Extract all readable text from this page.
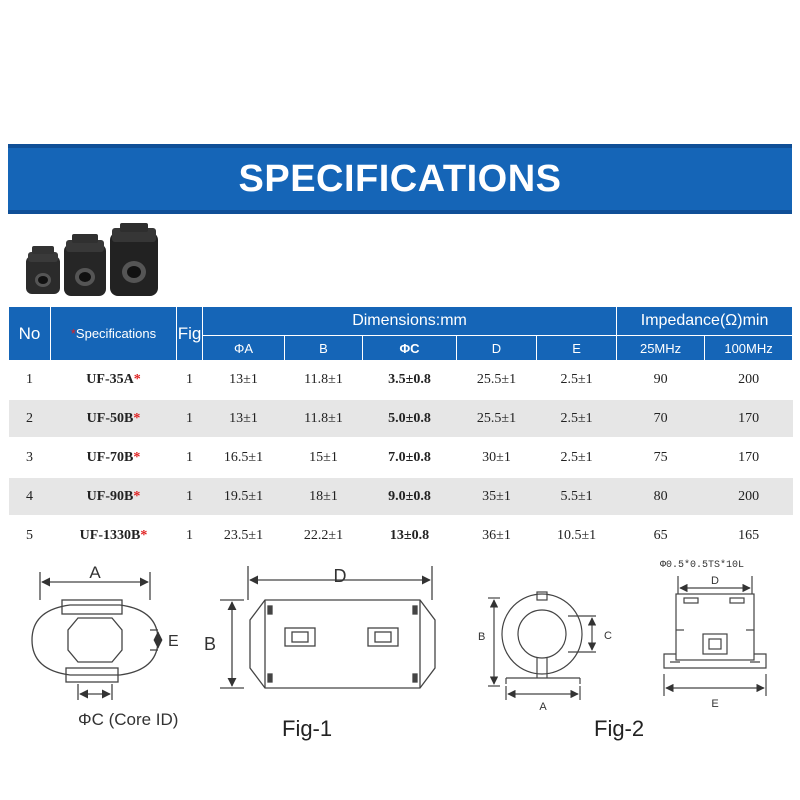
SPECIFICATIONS
No	*Specifications	Fig	Dimensions:mm					Impedance(Ω)min	
			ΦA	B	ΦC	D	E	25MHz	100MHz
1	UF-35A*	1	13±1	11.8±1	3.5±0.8	25.5±1	2.5±1	90	200
2	UF-50B*	1	13±1	11.8±1	5.0±0.8	25.5±1	2.5±1	70	170
3	UF-70B*	1	16.5±1	15±1	7.0±0.8	30±1	2.5±1	75	170
4	UF-90B*	1	19.5±1	18±1	9.0±0.8	35±1	5.5±1	80	200
5	UF-1330B*	1	23.5±1	22.2±1	13±0.8	36±1	10.5±1	65	165
A
E
ΦC (Core ID)
D
B
Fig-1
B	C
A
Fig-2
Φ0.5*0.5TS*10L
D
E
